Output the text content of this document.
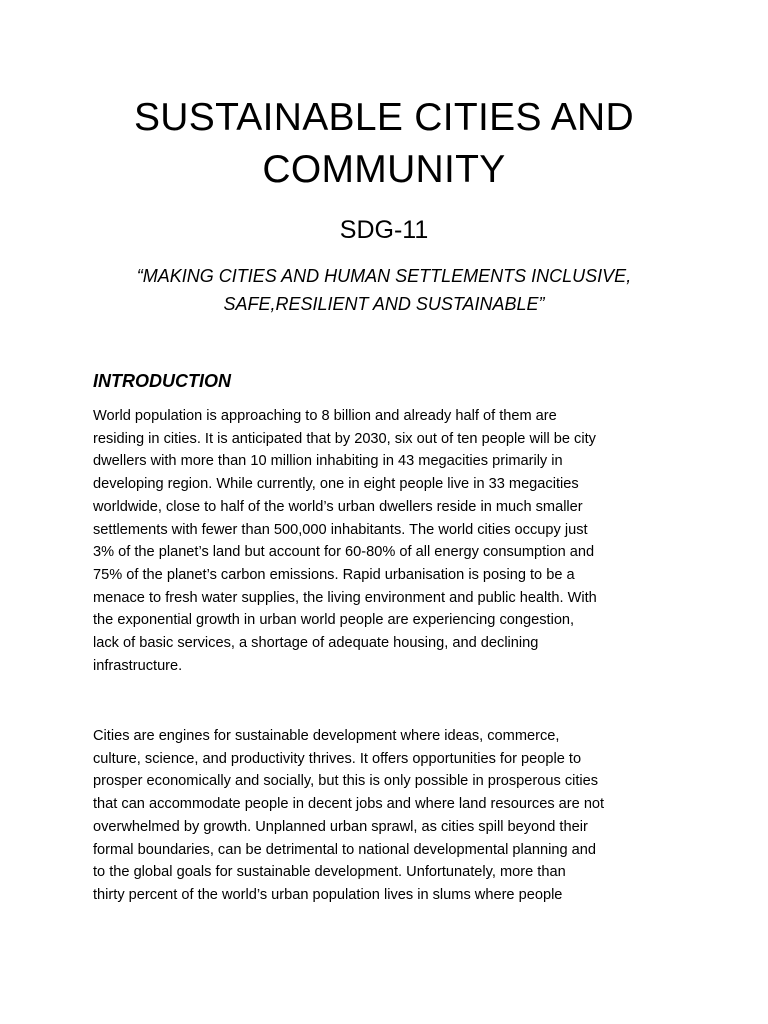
SUSTAINABLE CITIES AND
COMMUNITY
SDG-11
“MAKING CITIES AND HUMAN SETTLEMENTS INCLUSIVE,
SAFE,RESILIENT AND SUSTAINABLE”
INTRODUCTION

World population is approaching to 8 billion and already half of them are
residing in cities. It is anticipated that by 2030, six out of ten people will be city
dwellers with more than 10 million inhabiting in 43 megacities primarily in
developing region. While currently, one in eight people live in 33 megacities
worldwide, close to half of the world’s urban dwellers reside in much smaller
settlements with fewer than 500,000 inhabitants. The world cities occupy just
3% of the planet’s land but account for 60-80% of all energy consumption and
75% of the planet’s carbon emissions. Rapid urbanisation is posing to be a
menace to fresh water supplies, the living environment and public health. With
the exponential growth in urban world people are experiencing congestion,
lack of basic services, a shortage of adequate housing, and declining
infrastructure.

Cities are engines for sustainable development where ideas, commerce,
culture, science, and productivity thrives. It offers opportunities for people to
prosper economically and socially, but this is only possible in prosperous cities
that can accommodate people in decent jobs and where land resources are not
overwhelmed by growth. Unplanned urban sprawl, as cities spill beyond their
formal boundaries, can be detrimental to national developmental planning and
to the global goals for sustainable development. Unfortunately, more than
thirty percent of the world’s urban population lives in slums where people
